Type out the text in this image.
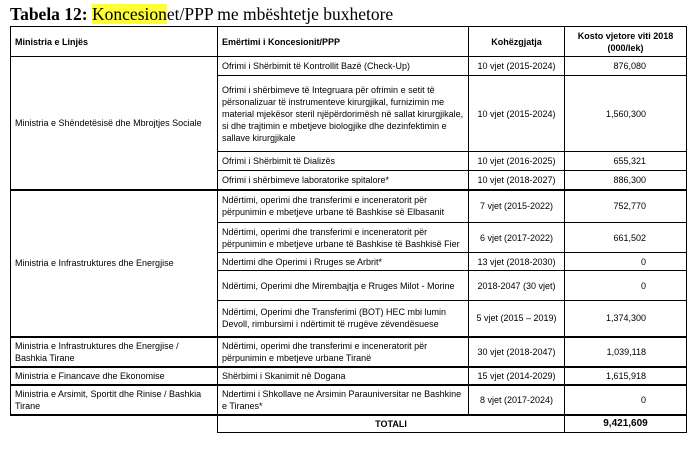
Tabela 12: Koncesionet/PPP me mbështetje buxhetore
Ministria e Linjës	Emërtimi i Koncesionit/PPP	Kohëzgjatja	Kosto vjetore viti 2018 (000/lek)
Ministria e Shëndetësisë dhe Mbrojtjes Sociale	Ofrimi i Shërbimit të Kontrollit Bazë (Check-Up)	10 vjet (2015-2024)	876,080
	Ofrimi i shërbimeve të Integruara për ofrimin e setit të përsonalizuar të instrumenteve kirurgjikal, furnizimin me material mjekësor steril njëpërdorimësh në sallat kirurgjikale, si dhe trajtimin e mbetjeve biologjike dhe dezinfektimin e sallave kirurgjikale	10 vjet (2015-2024)	1,560,300
	Ofrimi i Shërbimit të Dializës	10 vjet (2016-2025)	655,321
	Ofrimi i shërbimeve laboratorike spitalore*	10 vjet (2018-2027)	886,300
Ministria e Infrastruktures dhe Energjise	Ndërtimi, operimi dhe transferimi e inceneratorit për përpunimin e mbetjeve urbane të Bashkise së Elbasanit	7 vjet (2015-2022)	752,770
	Ndërtimi, operimi dhe transferimi e inceneratorit për përpunimin e mbetjeve urbane të Bashkise të Bashkisë Fier	6 vjet (2017-2022)	661,502
	Ndertimi dhe Operimi i Rruges se Arbrit*	13 vjet (2018-2030)	0
	Ndërtimi, Operimi dhe Mirembajtja e Rruges Milot - Morine	2018-2047 (30 vjet)	0
	Ndërtimi, Operimi dhe Transferimi (BOT) HEC mbi lumin Devoll, rimbursimi i ndërtimit të rrugëve zëvendësuese	5 vjet (2015 – 2019)	1,374,300
Ministria e Infrastruktures dhe Energjise / Bashkia Tirane	Ndërtimi, operimi dhe transferimi e inceneratorit për përpunimin e mbetjeve urbane Tiranë	30 vjet (2018-2047)	1,039,118
Ministria e Financave dhe Ekonomise	Shërbimi i Skanimit në Dogana	15 vjet (2014-2029)	1,615,918
Ministria e Arsimit, Sportit dhe Rinise / Bashkia Tirane	Ndertimi i Shkollave ne Arsimin Parauniversitar ne Bashkine e Tiranes*	8 vjet (2017-2024)	0
	TOTALI		9,421,609
